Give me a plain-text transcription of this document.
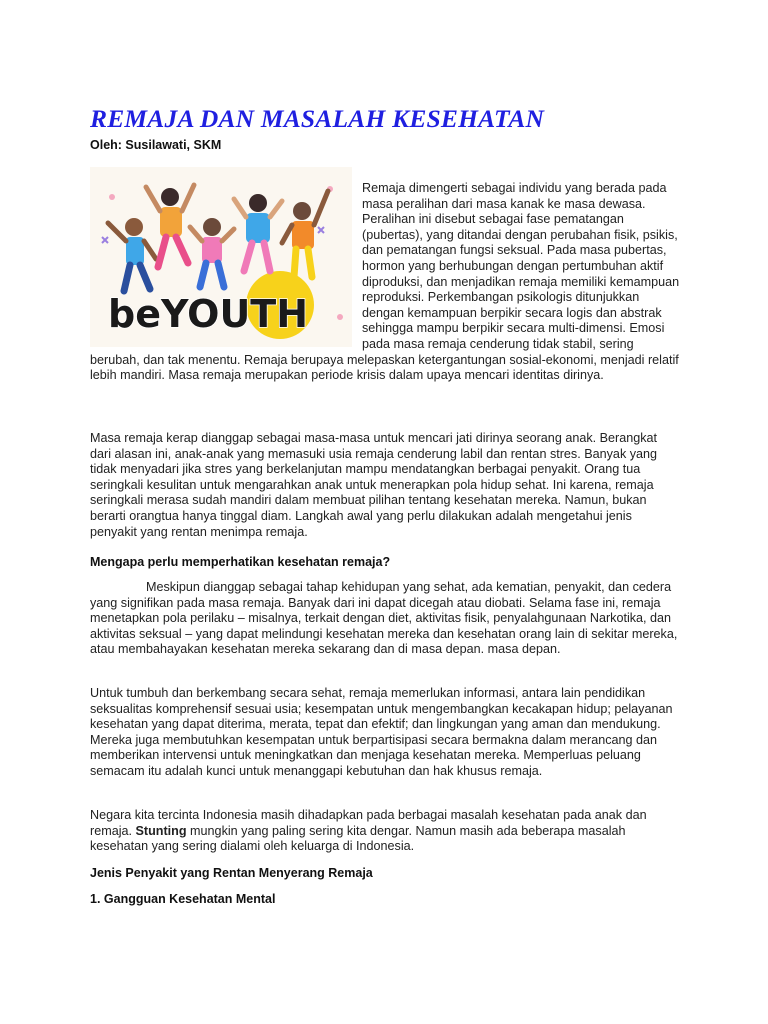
REMAJA DAN MASALAH KESEHATAN
Oleh: Susilawati, SKM
beYOUTH

Remaja dimengerti sebagai individu yang berada pada masa peralihan dari masa kanak ke masa dewasa. Peralihan ini disebut sebagai fase pematangan (pubertas), yang ditandai dengan perubahan fisik, psikis, dan pematangan fungsi seksual. Pada masa pubertas, hormon yang berhubungan dengan pertumbuhan aktif diproduksi, dan menjadikan remaja memiliki kemampuan reproduksi. Perkembangan psikologis ditunjukkan dengan kemampuan berpikir secara logis dan abstrak sehingga mampu berpikir secara multi-dimensi. Emosi pada masa remaja cenderung tidak stabil, sering berubah, dan tak menentu. Remaja berupaya melepaskan ketergantungan sosial-ekonomi, menjadi relatif lebih mandiri. Masa remaja merupakan periode krisis dalam upaya mencari identitas dirinya.

Masa remaja kerap dianggap sebagai masa-masa untuk mencari jati dirinya seorang anak. Berangkat dari alasan ini, anak-anak yang memasuki usia remaja cenderung labil dan rentan stres. Banyak yang tidak menyadari jika stres yang berkelanjutan mampu mendatangkan berbagai penyakit. Orang tua seringkali kesulitan untuk mengarahkan anak untuk menerapkan pola hidup sehat. Ini karena, remaja seringkali merasa sudah mandiri dalam membuat pilihan tentang kesehatan mereka. Namun, bukan berarti orangtua hanya tinggal diam. Langkah awal yang perlu dilakukan adalah mengetahui jenis penyakit yang rentan menimpa remaja.

Mengapa perlu memperhatikan kesehatan remaja?

Meskipun dianggap sebagai tahap kehidupan yang sehat, ada kematian, penyakit, dan cedera yang signifikan pada masa remaja. Banyak dari ini dapat dicegah atau diobati. Selama fase ini, remaja menetapkan pola perilaku – misalnya, terkait dengan diet, aktivitas fisik, penyalahgunaan Narkotika, dan aktivitas seksual – yang dapat melindungi kesehatan mereka dan kesehatan orang lain di sekitar mereka, atau membahayakan kesehatan mereka sekarang dan di masa depan. masa depan.

Untuk tumbuh dan berkembang secara sehat, remaja memerlukan informasi, antara lain pendidikan seksualitas komprehensif sesuai usia; kesempatan untuk mengembangkan kecakapan hidup; pelayanan kesehatan yang dapat diterima, merata, tepat dan efektif; dan lingkungan yang aman dan mendukung. Mereka juga membutuhkan kesempatan untuk berpartisipasi secara bermakna dalam merancang dan memberikan intervensi untuk meningkatkan dan menjaga kesehatan mereka. Memperluas peluang semacam itu adalah kunci untuk menanggapi kebutuhan dan hak khusus remaja.

Negara kita tercinta Indonesia masih dihadapkan pada berbagai masalah kesehatan pada anak dan remaja. Stunting mungkin yang paling sering kita dengar. Namun masih ada beberapa masalah kesehatan yang sering dialami oleh keluarga di Indonesia.

Jenis Penyakit yang Rentan Menyerang Remaja

1. Gangguan Kesehatan Mental
